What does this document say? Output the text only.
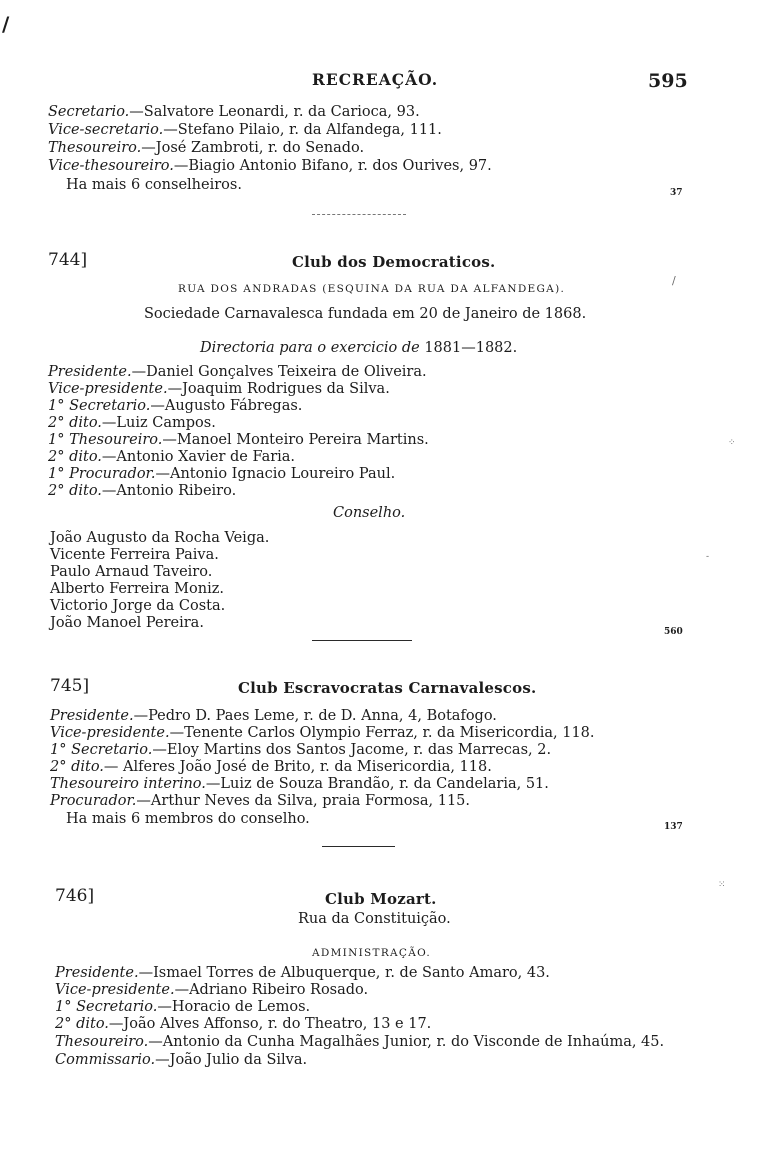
/
RECREAÇÃO.	595
Secretario.—Salvatore Leonardi, r. da Carioca, 93.
Vice-secretario.—Stefano Pilaio, r. da Alfandega, 111.
Thesoureiro.—José Zambroti, r. do Senado.
Vice-thesoureiro.—Biagio Antonio Bifano, r. dos Ourives, 97.
Ha mais 6 conselheiros.	37
744]	Club dos Democraticos.
RUA DOS ANDRADAS (ESQUINA DA RUA DA ALFANDEGA).
Sociedade Carnavalesca fundada em 20 de Janeiro de 1868.
Directoria para o exercicio de 1881—1882.
Presidente.—Daniel Gonçalves Teixeira de Oliveira.
Vice-presidente.—Joaquim Rodrigues da Silva.
1° Secretario.—Augusto Fábregas.
2° dito.—Luiz Campos.
1° Thesoureiro.—Manoel Monteiro Pereira Martins.
2° dito.—Antonio Xavier de Faria.
1° Procurador.—Antonio Ignacio Loureiro Paul.
2° dito.—Antonio Ribeiro.
Conselho.
João Augusto da Rocha Veiga.
Vicente Ferreira Paiva.
Paulo Arnaud Taveiro.
Alberto Ferreira Moniz.
Victorio Jorge da Costa.
João Manoel Pereira.
560
745]	Club Escravocratas Carnavalescos.
Presidente.—Pedro D. Paes Leme, r. de D. Anna, 4, Botafogo.
Vice-presidente.—Tenente Carlos Olympio Ferraz, r. da Misericordia, 118.
1° Secretario.—Eloy Martins dos Santos Jacome, r. das Marrecas, 2.
2° dito.— Alferes João José de Brito, r. da Misericordia, 118.
Thesoureiro interino.—Luiz de Souza Brandão, r. da Candelaria, 51.
Procurador.—Arthur Neves da Silva, praia Formosa, 115.
Ha mais 6 membros do conselho.	137
746]	Club Mozart.
Rua da Constituição.
ADMINISTRAÇÃO.
Presidente.—Ismael Torres de Albuquerque, r. de Santo Amaro, 43.
Vice-presidente.—Adriano Ribeiro Rosado.
1° Secretario.—Horacio de Lemos.
2° dito.—João Alves Affonso, r. do Theatro, 13 e 17.
Thesoureiro.—Antonio da Cunha Magalhães Junior, r. do Visconde de Inhaúma, 45.
Commissario.—João Julio da Silva.
/
⁘
-
⁙
